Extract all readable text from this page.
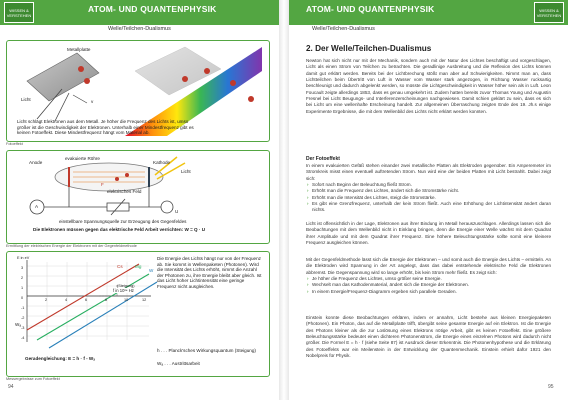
WISSEN &
VERSTEHEN
ATOM- UND QUANTENPHYSIK
Welle/Teilchen-Dualismus
Metallplatte
Licht	v
Licht schlägt Elektronen aus dem Metall. Je höher die Frequenz des Lichts ist, umso größer ist die Geschwindigkeit der Elektronen. Unterhalb einer Mindestfrequenz gibt es keinen Fotoeffekt. Diese Mindestfrequenz hängt vom Material ab.
Fotoeffekt
Anode
evakuierte Röhre
Kathode
Licht
F
elektrisches Feld
A
U
einstellbare Spannungsquelle zur Erzeugung des Gegenfeldes
Die Elektronen müssen gegen das elektrische Feld Arbeit verrichten: W = Q · U
Ermittlung der elektrischen Energie der Elektronen mit der Gegenfeldmethode
E in eV
3
2
1
0
-1
-2
-3
-4
2	4	6	8	10	12
f in 10¹⁴ Hz
Cs	Mg
W
Wₐ
(Steigung)
Geradengleichung: E = h · f - Wₐ
Die Energie des Lichts hängt nur von der Frequenz ab. Sie kommt in Wellenpaketen (Photonen). Wird die Intensität des Lichts erhöht, nimmt die Anzahl der Photonen zu, ihre Energie bleibt aber gleich. Ist das Licht hoher Lichtintensität eine geringe Frequenz nicht ausgleichen.
h . . . Planck'sches Wirkungsquantum (Steigung)
Wₐ . . . Austrittsarbeit
Messergebnisse zum Fotoeffekt
94
ATOM- UND QUANTENPHYSIK	WISSEN &
VERSTEHEN
Welle/Teilchen-Dualismus
2. Der Welle/Teilchen-Dualismus

Newton hat sich nicht nur mit der Mechanik, sondern auch mit der Natur des Lichtes beschäftigt und vorgeschlagen, Licht als einen Strom von Teilchen zu betrachten. Die geradlinige Ausbreitung und die Reflexion des Lichts können damit gut erklärt werden. Bereits bei der Lichtbrechung stößt man aber auf Schwierigkeiten. Nimmt man an, dass Lichtteilchen beim Übertritt von Luft in Wasser vom Wasser stark angezogen, in Richtung Wasser rucksartig beschleunigt und dadurch abgelenkt werden, so müsste die Lichtgeschwindigkeit in Wasser höher sein als in Luft. Leon Foucault zeigte allerdings 1853, dass es genau umgekehrt ist. Zudem hatten bereits zuvor Thomas Young und Augustin Fresnel bei Licht Beugungs- und Interferenzerscheinungen nachgewiesen. Damit schien geklärt zu sein, dass es sich bei Licht um eine wellenhafte Erscheinung handelt. Zur allgemeinen Überraschung zeigten Ende des 19. Jh.s einige Experimente Ergebnisse, die mit dem Wellenbild des Lichts nicht erklärt werden konnten.

Der Fotoeffekt

In einem evakuierten Gefäß stehen einander zwei metallische Platten als Elektroden gegenüber. Ein Amperemeter im Stromkreis misst einen eventuell auftretenden Strom. Nun wird eine der beiden Platten mit Licht bestrahlt. Dabei zeigt sich:

› Sofort nach Beginn der Beleuchtung fließt Strom.
› Erhöht man die Frequenz des Lichtes, ändert sich die Stromstärke nicht.
› Erhöht man die Intensität des Lichtes, steigt die Stromstärke.
› Es gibt eine Grenzfrequenz, unterhalb der kein Strom fließt. Auch eine Erhöhung der Lichtintensität ändert daran nichts.

Licht ist offensichtlich in der Lage, Elektronen aus ihrer Bindung im Metall herauszuschlagen. Allerdings lassen sich die Beobachtungen mit dem Wellenbild nicht in Einklang bringen, denn die Energie einer Welle wächst mit dem Quadrat ihrer Amplitude und mit dem Quadrat ihrer Frequenz. Eine höhere Beleuchtungsstärke sollte somit eine kleinere Frequenz ausgleichen können.

Mit der Gegenfeldmethode lässt sich die Energie der Elektronen – und somit auch die Energie des Lichts – ermitteln. An die Elektroden wird Spannung in der Art angelegt, dass das dabei entstehende elektrische Feld die Elektronen abbremst. Die Gegenspannung wird so lange erhöht, bis kein Strom mehr fließt. Es zeigt sich:

› Je höher die Frequenz des Lichtes, umso größer seine Energie.
› Wechselt man das Kathodenmaterial, ändert sich die Energie der Elektronen.
› In einem Energie/Frequenz-Diagramm ergeben sich parallele Geraden.

Einstein konnte diese Beobachtungen erklären, indem er annahm, Licht bestehe aus kleinen Energiepaketen (Photonen). Ein Photon, das auf die Metallplatte trifft, übergibt seine gesamte Energie auf ein Elektron. Ist die Energie des Photons kleiner als die zur Loslösung eines Elektrons nötige Arbeit, gibt es keinen Fotoeffekt. Eine größere Beleuchtungsstärke bedeutet einen dichteren Photonenstrom, die Energie eines einzelnen Photons wird dadurch nicht größer. Die Formel E = h · f (siehe Seite 87) ist Ausdruck dieser Erkenntnis. Die Photonenhypothese und die Erklärung des Fotoeffekts war ein Meilenstein in der Entwicklung der Quantenmechanik. Einstein erhielt dafür 1921 den Nobelpreis für Physik.

95
